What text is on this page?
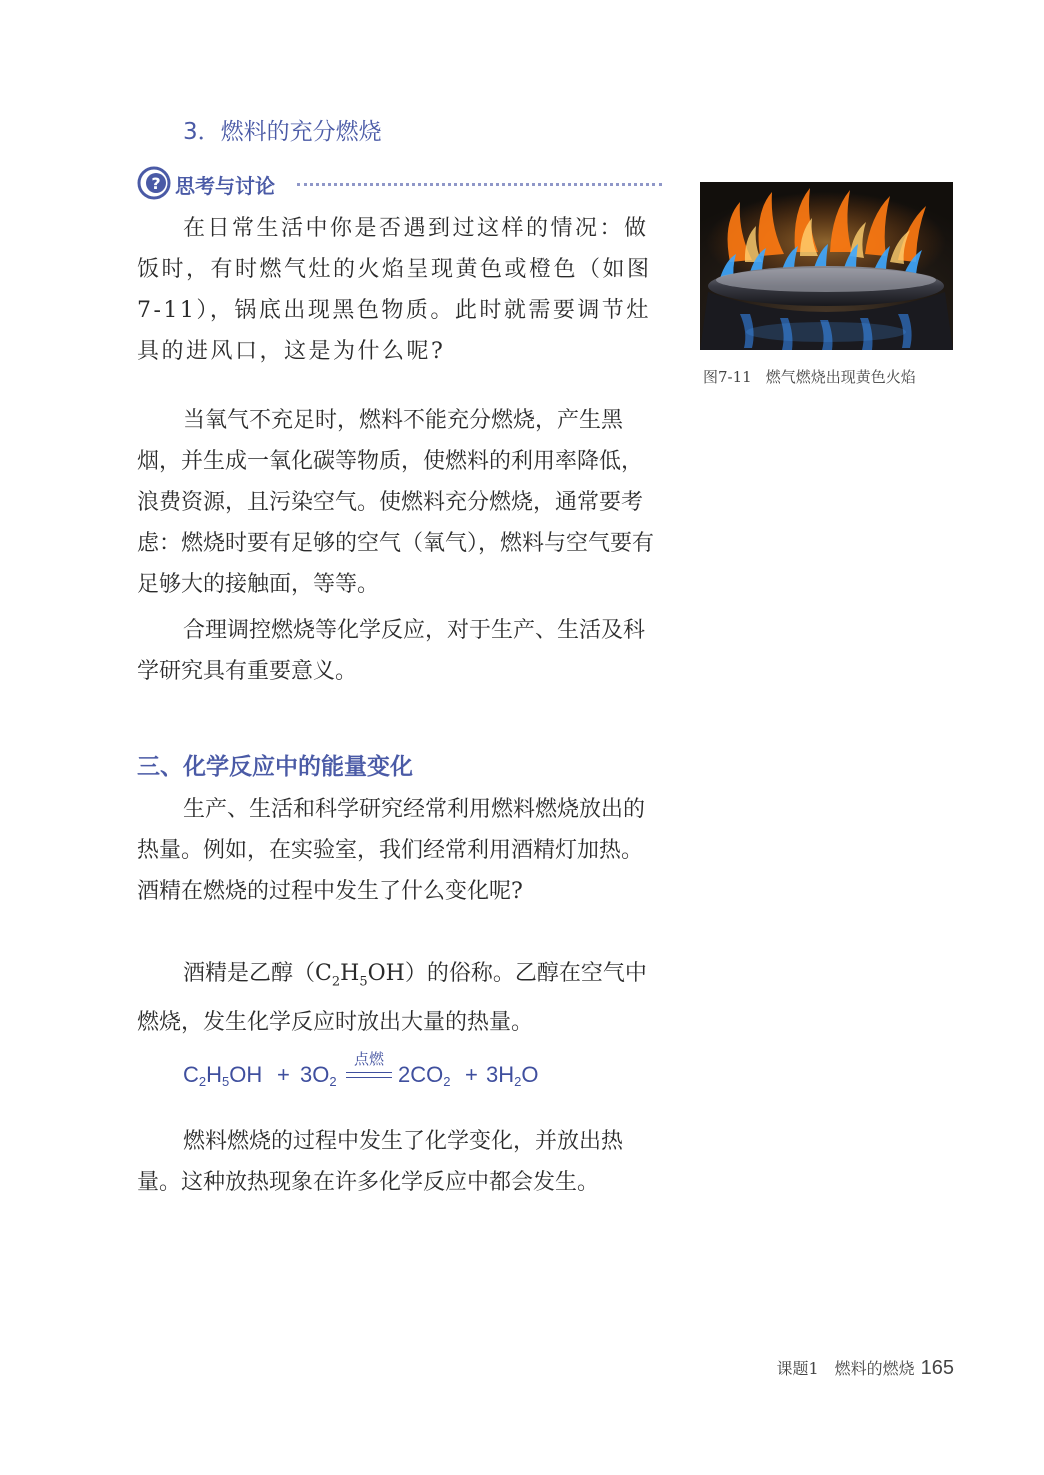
3．燃料的充分燃烧
? 思考与讨论

在日常生活中你是否遇到过这样的情况：做饭时，有时燃气灶的火焰呈现黄色或橙色（如图7-11），锅底出现黑色物质。此时就需要调节灶具的进风口，这是为什么呢?

当氧气不充足时，燃料不能充分燃烧，产生黑烟，并生成一氧化碳等物质，使燃料的利用率降低，浪费资源，且污染空气。使燃料充分燃烧，通常要考虑：燃烧时要有足够的空气（氧气），燃料与空气要有足够大的接触面，等等。

合理调控燃烧等化学反应，对于生产、生活及科学研究具有重要意义。

三、化学反应中的能量变化

生产、生活和科学研究经常利用燃料燃烧放出的热量。例如，在实验室，我们经常利用酒精灯加热。酒精在燃烧的过程中发生了什么变化呢?

酒精是乙醇$(C_2H_5OH)$的俗称。乙醇在空气中燃烧，发生化学反应时放出大量的热量。

$C_2H_5OH + 3O_2$
点燃
$2CO_2 + 3H_2O$

燃料燃烧的过程中发生了化学变化，并放出热量。这种放热现象在许多化学反应中都会发生。

图7-11 燃气燃烧出现黄色火焰
课题1　燃料的燃烧 165
